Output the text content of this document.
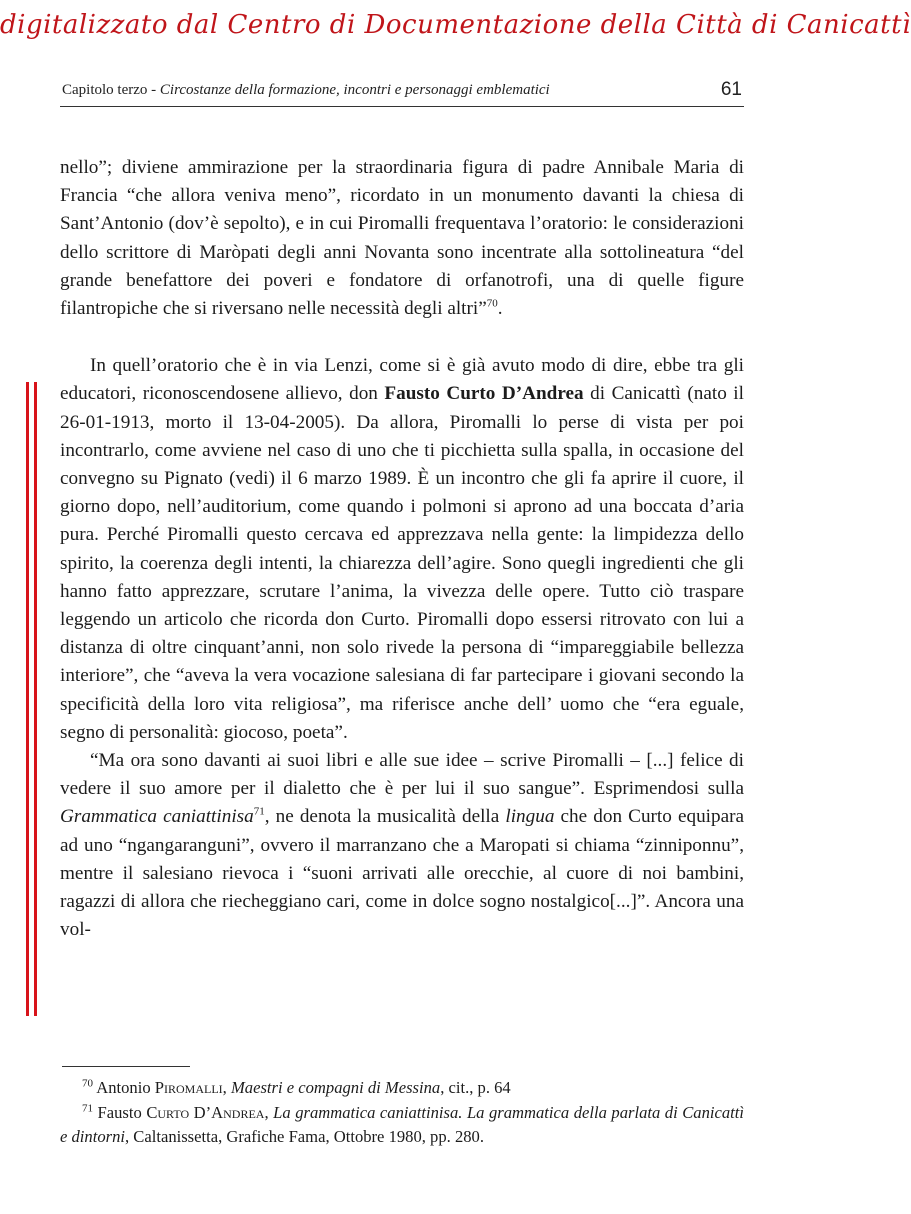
digitalizzato dal Centro di Documentazione della Città di Canicattì
Capitolo terzo - Circostanze della formazione, incontri e personaggi emblematici	61

nello”; diviene ammirazione per la straordinaria figura di padre Annibale Maria di Francia “che allora veniva meno”, ricordato in un monumento davanti la chiesa di Sant’Antonio (dov’è sepolto), e in cui Piromalli frequentava l’oratorio: le considerazioni dello scrittore di Maròpati degli anni Novanta sono incentrate alla sottolineatura “del grande benefattore dei poveri e fondatore di orfanotrofi, una di quelle figure filantropiche che si riversano nelle necessità degli altri”$^{70}$.

In quell’oratorio che è in via Lenzi, come si è già avuto modo di dire, ebbe tra gli educatori, riconoscendosene allievo, don Fausto Curto D’Andrea di Canicattì (nato il 26-01-1913, morto il 13-04-2005). Da allora, Piromalli lo perse di vista per poi incontrarlo, come avviene nel caso di uno che ti picchietta sulla spalla, in occasione del convegno su Pignato (vedi) il 6 marzo 1989. È un incontro che gli fa aprire il cuore, il giorno dopo, nell’auditorium, come quando i polmoni si aprono ad una boccata d’aria pura. Perché Piromalli questo cercava ed apprezzava nella gente: la limpidezza dello spirito, la coerenza degli intenti, la chiarezza dell’agire. Sono quegli ingredienti che gli hanno fatto apprezzare, scrutare l’anima, la vivezza delle opere. Tutto ciò traspare leggendo un articolo che ricorda don Curto. Piromalli dopo essersi ritrovato con lui a distanza di oltre cinquant’anni, non solo rivede la persona di “impareggiabile bellezza interiore”, che “aveva la vera vocazione salesiana di far partecipare i giovani secondo la specificità della loro vita religiosa”, ma riferisce anche dell’ uomo che “era eguale, segno di personalità: giocoso, poeta”.

“Ma ora sono davanti ai suoi libri e alle sue idee – scrive Piromalli – [...] felice di vedere il suo amore per il dialetto che è per lui il suo sangue”. Esprimendosi sulla Grammatica caniattinisa$^{71}$, ne denota la musicalità della lingua che don Curto equipara ad uno “ngangaranguni”, ovvero il marranzano che a Maropati si chiama “zinniponnu”, mentre il salesiano rievoca i “suoni arrivati alle orecchie, al cuore di noi bambini, ragazzi di allora che riecheggiano cari, come in dolce sogno nostalgico[...]”. Ancora una vol-

$^{70}$ Antonio Piromalli, Maestri e compagni di Messina, cit., p. 64

$^{71}$ Fausto Curto D’Andrea, La grammatica caniattinisa. La grammatica della parlata di Canicattì e dintorni, Caltanissetta, Grafiche Fama, Ottobre 1980, pp. 280.
